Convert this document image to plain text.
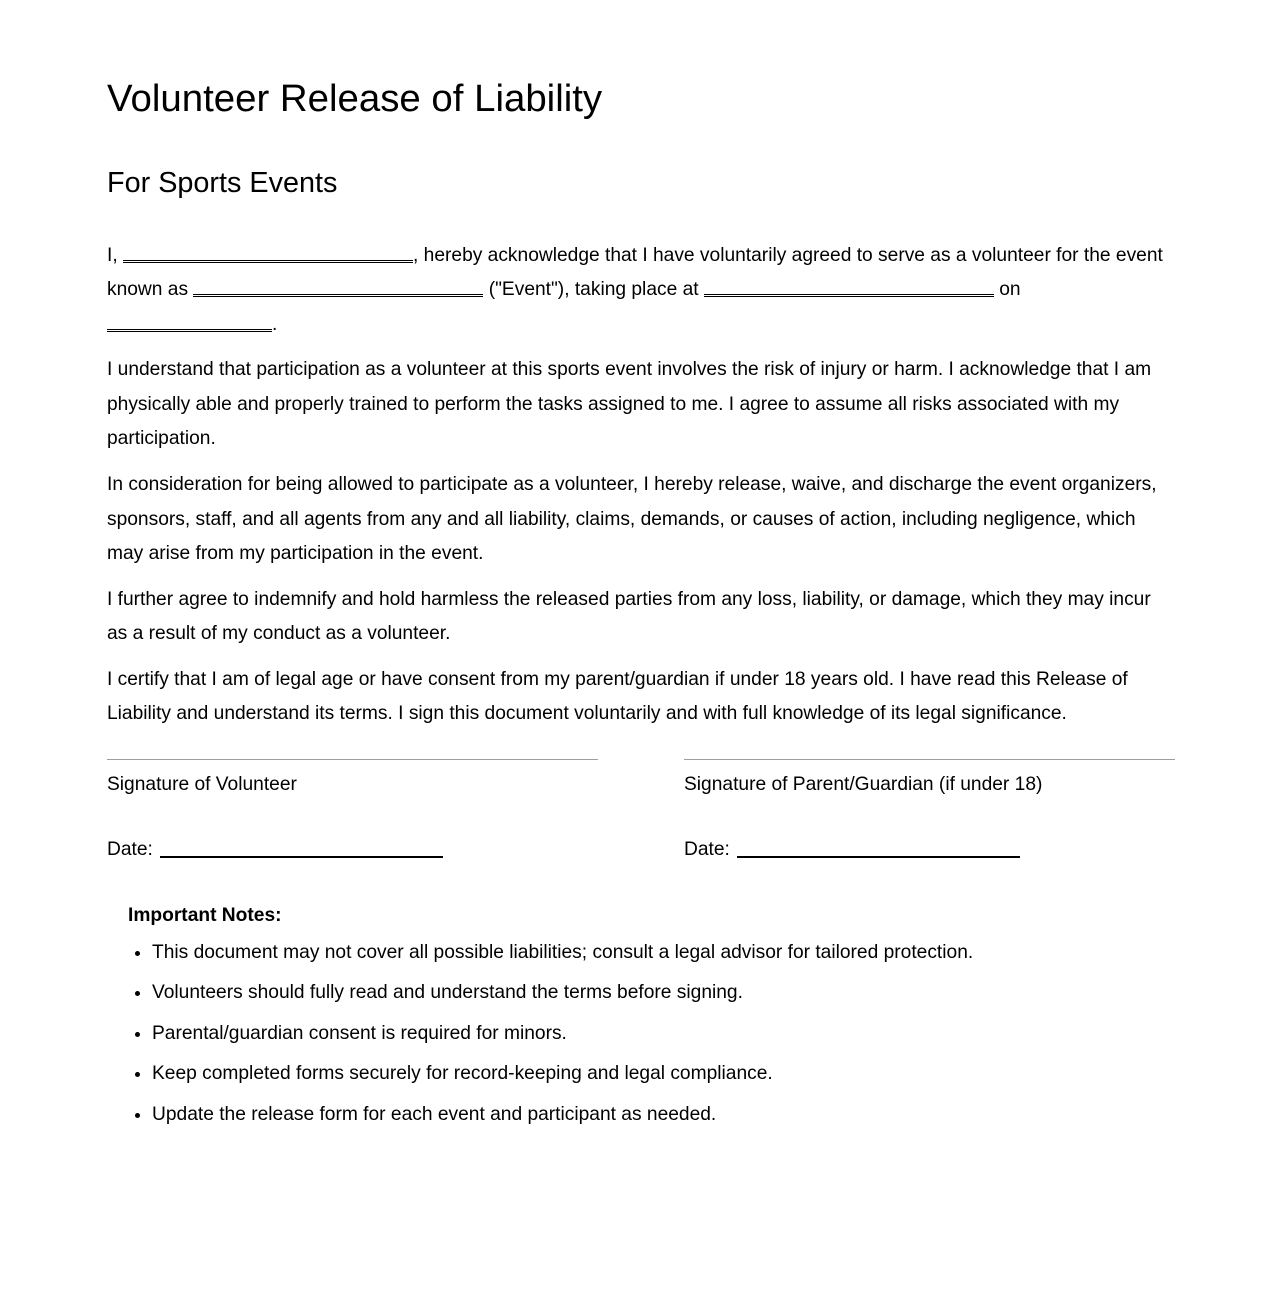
Volunteer Release of Liability
For Sports Events

I,	, hereby acknowledge that I have voluntarily agreed to serve as a volunteer for the event known as	("Event"), taking place at	on .

I understand that participation as a volunteer at this sports event involves the risk of injury or harm. I acknowledge that I am physically able and properly trained to perform the tasks assigned to me. I agree to assume all risks associated with my participation.

In consideration for being allowed to participate as a volunteer, I hereby release, waive, and discharge the event organizers, sponsors, staff, and all agents from any and all liability, claims, demands, or causes of action, including negligence, which may arise from my participation in the event.

I further agree to indemnify and hold harmless the released parties from any loss, liability, or damage, which they may incur as a result of my conduct as a volunteer.

I certify that I am of legal age or have consent from my parent/guardian if under 18 years old. I have read this Release of Liability and understand its terms. I sign this document voluntarily and with full knowledge of its legal significance.

Signature of Volunteer
Date:
Signature of Parent/Guardian (if under 18)
Date:

Important Notes:

• This document may not cover all possible liabilities; consult a legal advisor for tailored protection.
• Volunteers should fully read and understand the terms before signing.
• Parental/guardian consent is required for minors.
• Keep completed forms securely for record-keeping and legal compliance.
• Update the release form for each event and participant as needed.
